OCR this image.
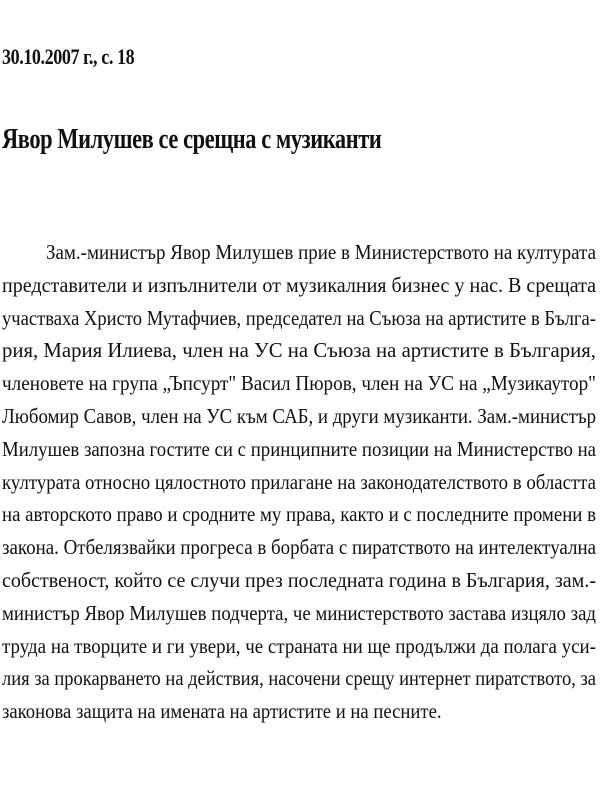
30.10.2007 г., с. 18
Явор Милушев се срещна с музиканти
Зам.-министър Явор Милушев прие в Министерството на културата
представители и изпълнители от музикалния бизнес у нас. В срещата
участваха Христо Мутафчиев, председател на Съюза на артистите в Бълга-
рия, Мария Илиева, член на УС на Съюза на артистите в България,
членовете на група „Ъпсурт" Васил Пюров, член на УС на „Музикаутор"
Любомир Савов, член на УС към САБ, и други музиканти. Зам.-министър
Милушев запозна гостите си с принципните позиции на Министерство на
културата относно цялостното прилагане на законодателството в областта
на авторското право и сродните му права, както и с последните промени в
закона. Отбелязвайки прогреса в борбата с пиратството на интелектуална
собственост, който се случи през последната година в България, зам.-
министър Явор Милушев подчерта, че министерството застава изцяло зад
труда на творците и ги увери, че страната ни ще продължи да полага уси-
лия за прокарването на действия, насочени срещу интернет пиратството, за
законова защита на имената на артистите и на песните.
